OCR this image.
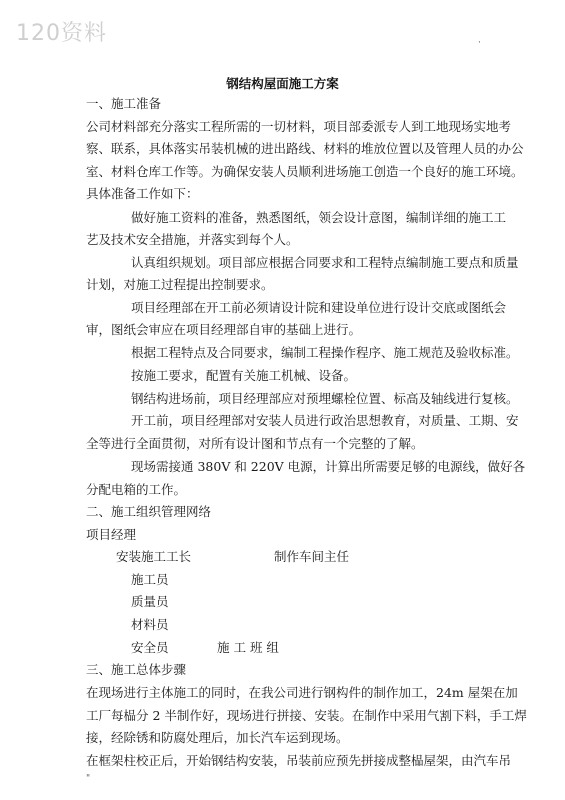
120资料	·
钢结构屋面施工方案
一、施工准备
公司材料部充分落实工程所需的一切材料，项目部委派专人到工地现场实地考
察、联系，具体落实吊装机械的进出路线、材料的堆放位置以及管理人员的办公
室、材料仓库工作等。为确保安装人员顺利进场施工创造一个良好的施工环境。
具体准备工作如下：
做好施工资料的准备，熟悉图纸，领会设计意图，编制详细的施工工
艺及技术安全措施，并落实到每个人。
认真组织规划。项目部应根据合同要求和工程特点编制施工要点和质量
计划，对施工过程提出控制要求。
项目经理部在开工前必须请设计院和建设单位进行设计交底或图纸会
审，图纸会审应在项目经理部自审的基础上进行。
根据工程特点及合同要求，编制工程操作程序、施工规范及验收标准。
按施工要求，配置有关施工机械、设备。
钢结构进场前，项目经理部应对预埋螺栓位置、标高及轴线进行复核。
开工前，项目经理部对安装人员进行政治思想教育，对质量、工期、安
全等进行全面贯彻，对所有设计图和节点有一个完整的了解。
现场需接通 380V 和 220V 电源，计算出所需要足够的电源线，做好各
分配电箱的工作。
二、施工组织管理网络
项目经理
安装施工工长	制作车间主任
施工员
质量员
材料员
安全员	施 工 班 组
三、施工总体步骤
在现场进行主体施工的同时，在我公司进行钢构件的制作加工，24m 屋架在加
工厂每榀分 2 半制作好，现场进行拼接、安装。在制作中采用气割下料，手工焊
接，经除锈和防腐处理后，加长汽车运到现场。
在框架柱校正后，开始钢结构安装，吊装前应预先拼接成整榀屋架，由汽车吊
"
